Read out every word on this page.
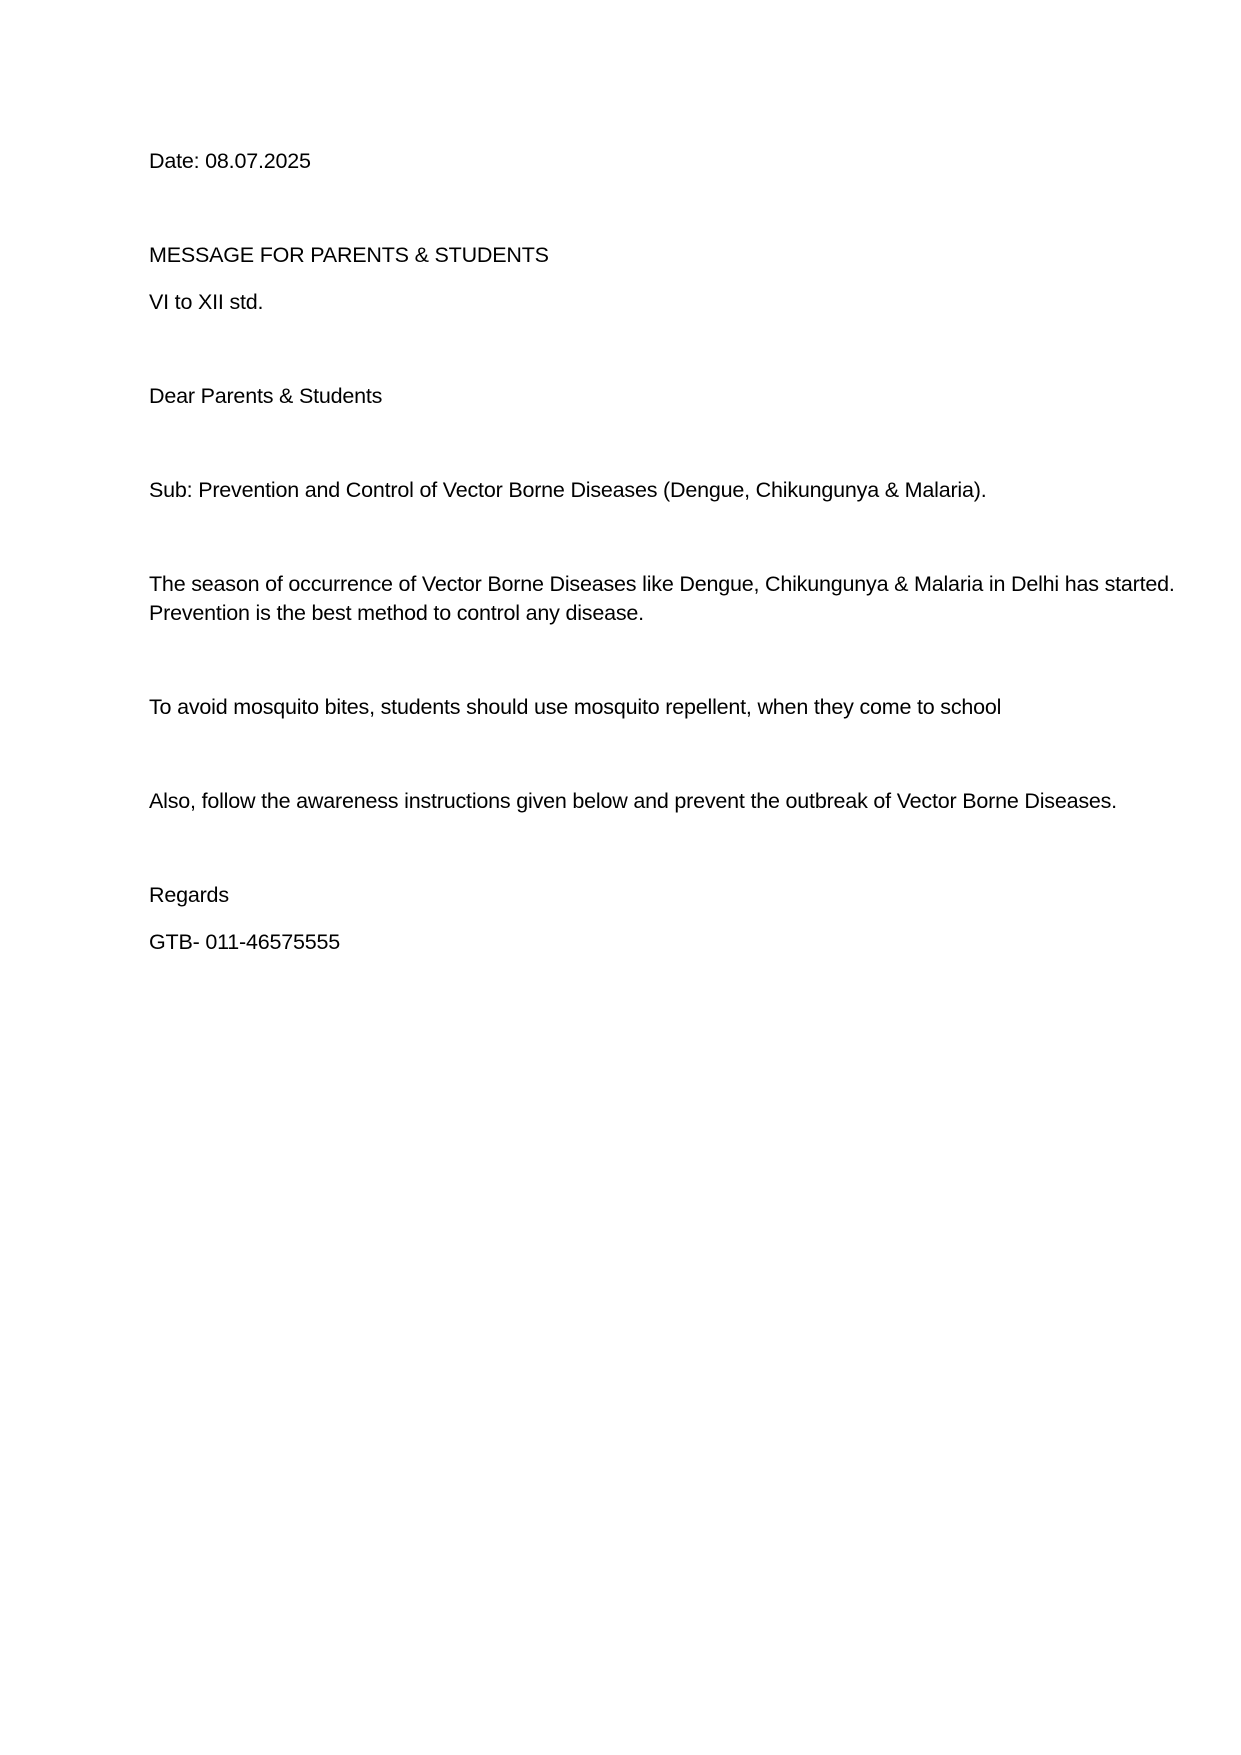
Date: 08.07.2025

MESSAGE FOR PARENTS & STUDENTS

VI to XII std.

Dear Parents & Students

Sub: Prevention and Control of Vector Borne Diseases (Dengue, Chikungunya & Malaria).

The season of occurrence of Vector Borne Diseases like Dengue, Chikungunya & Malaria in Delhi has started. Prevention is the best method to control any disease.

To avoid mosquito bites, students should use mosquito repellent, when they come to school

Also, follow the awareness instructions given below and prevent the outbreak of Vector Borne Diseases.

Regards

GTB- 011-46575555
